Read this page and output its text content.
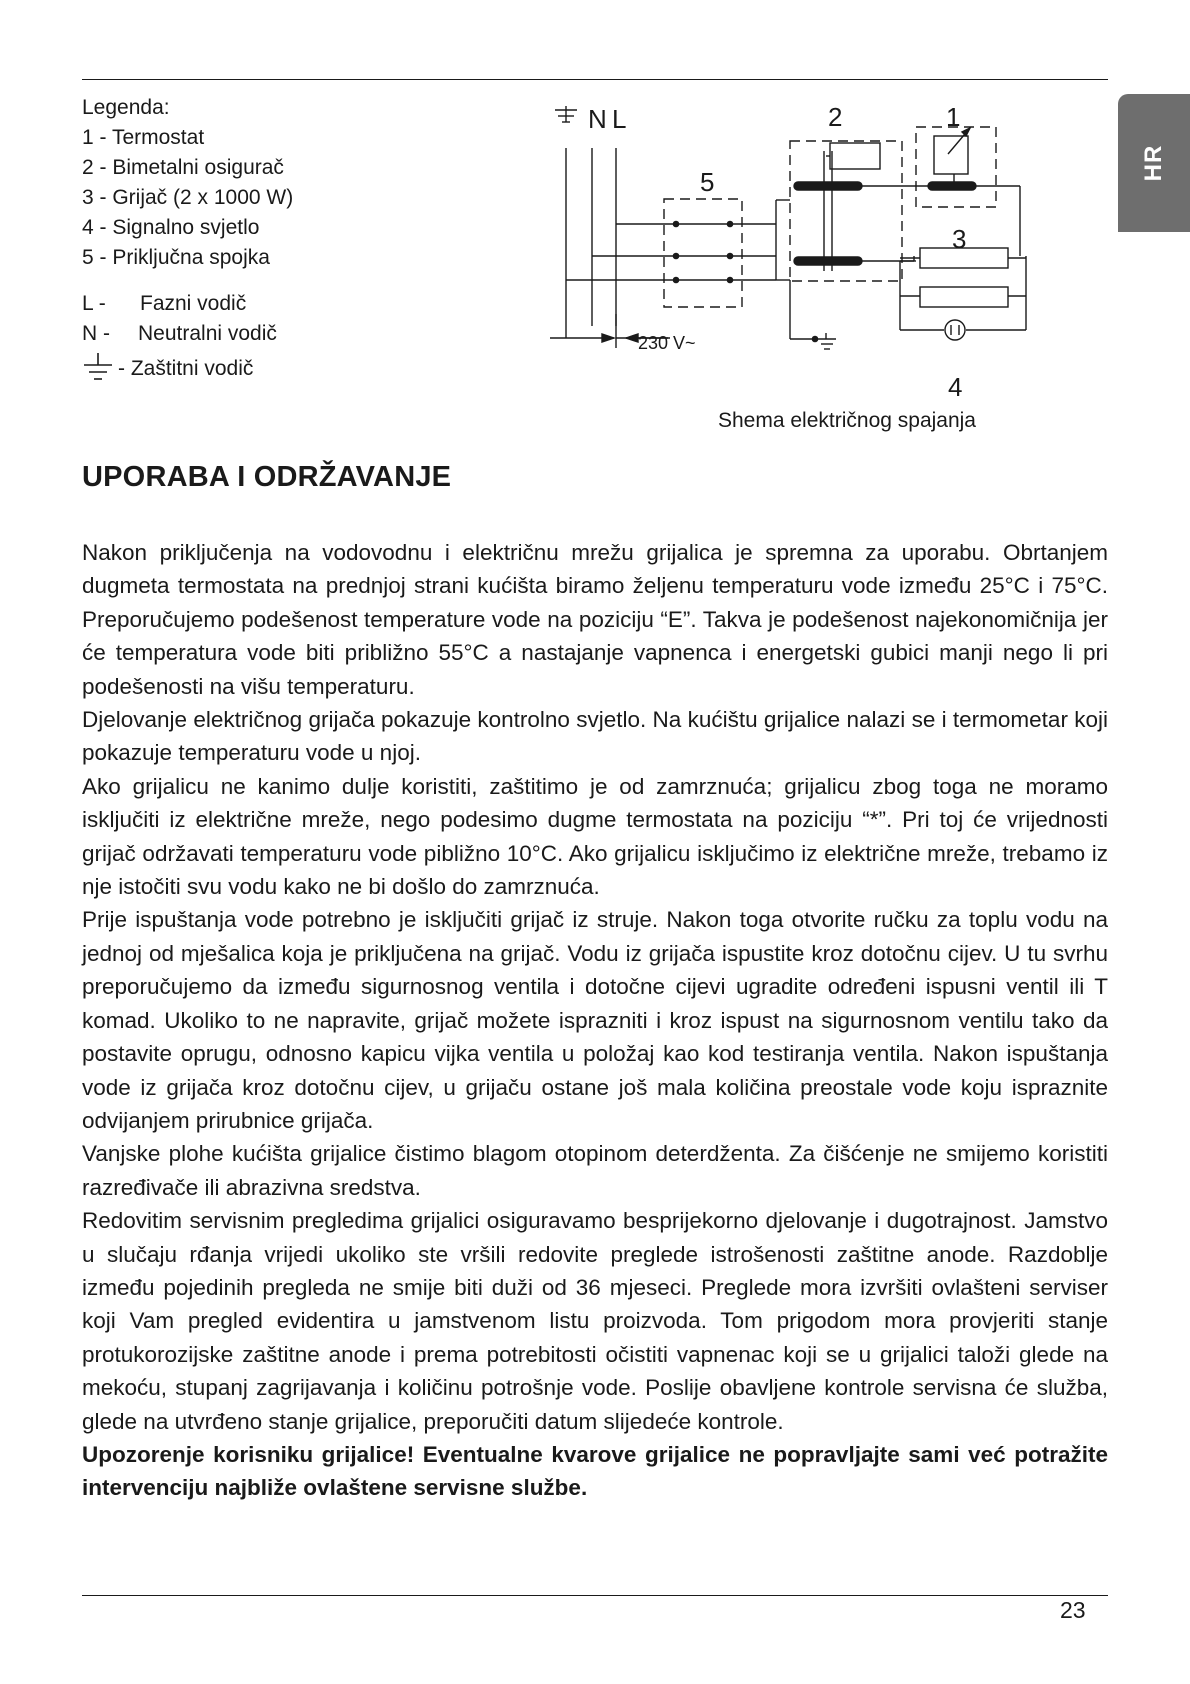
HR
Legenda:
1 - Termostat
2 - Bimetalni osigurač
3 - Grijač (2 x 1000 W)
4 - Signalno svjetlo
5 - Priključna spojka
L - Fazni vodič
N - Neutralni vodič
- Zaštitni vodič
N L	1
2
3
4
5
230 V~
Shema električnog spajanja
UPORABA I ODRŽAVANJE

Nakon priključenja na vodovodnu i električnu mrežu grijalica je spremna za uporabu. Obrtanjem dugmeta termostata na prednjoj strani kućišta biramo željenu temperaturu vode između 25°C i 75°C. Preporučujemo podešenost temperature vode na poziciju “E”. Takva je podešenost najekonomičnija jer će temperatura vode biti približno 55°C a nastajanje vapnenca i energetski gubici manji nego li pri podešenosti na višu temperaturu.

Djelovanje električnog grijača pokazuje kontrolno svjetlo. Na kućištu grijalice nalazi se i termometar koji pokazuje temperaturu vode u njoj.

Ako grijalicu ne kanimo dulje koristiti, zaštitimo je od zamrznuća; grijalicu zbog toga ne moramo isključiti iz električne mreže, nego podesimo dugme termostata na poziciju “*”. Pri toj će vrijednosti grijač održavati temperaturu vode pibližno 10°C. Ako grijalicu isključimo iz električne mreže, trebamo iz nje istočiti svu vodu kako ne bi došlo do zamrznuća.

Prije ispuštanja vode potrebno je isključiti grijač iz struje. Nakon toga otvorite ručku za toplu vodu na jednoj od mješalica koja je priključena na grijač. Vodu iz grijača ispustite kroz dotočnu cijev. U tu svrhu preporučujemo da između sigurnosnog ventila i dotočne cijevi ugradite određeni ispusni ventil ili T komad. Ukoliko to ne napravite, grijač možete isprazniti i kroz ispust na sigurnosnom ventilu tako da postavite oprugu, odnosno kapicu vijka ventila u položaj kao kod testiranja ventila. Nakon ispuštanja vode iz grijača kroz dotočnu cijev, u grijaču ostane još mala količina preostale vode koju ispraznite odvijanjem prirubnice grijača.

Vanjske plohe kućišta grijalice čistimo blagom otopinom deterdženta. Za čišćenje ne smijemo koristiti razređivače ili abrazivna sredstva.

Redovitim servisnim pregledima grijalici osiguravamo besprijekorno djelovanje i dugotrajnost. Jamstvo u slučaju rđanja vrijedi ukoliko ste vršili redovite preglede istrošenosti zaštitne anode. Razdoblje između pojedinih pregleda ne smije biti duži od 36 mjeseci. Preglede mora izvršiti ovlašteni serviser koji Vam pregled evidentira u jamstvenom listu proizvoda. Tom prigodom mora provjeriti stanje protukorozijske zaštitne anode i prema potrebitosti očistiti vapnenac koji se u grijalici taloži glede na mekoću, stupanj zagrijavanja i količinu potrošnje vode. Poslije obavljene kontrole servisna će služba, glede na utvrđeno stanje grijalice, preporučiti datum slijedeće kontrole.

Upozorenje korisniku grijalice! Eventualne kvarove grijalice ne popravljajte sami već potražite intervenciju najbliže ovlaštene servisne službe.

23
